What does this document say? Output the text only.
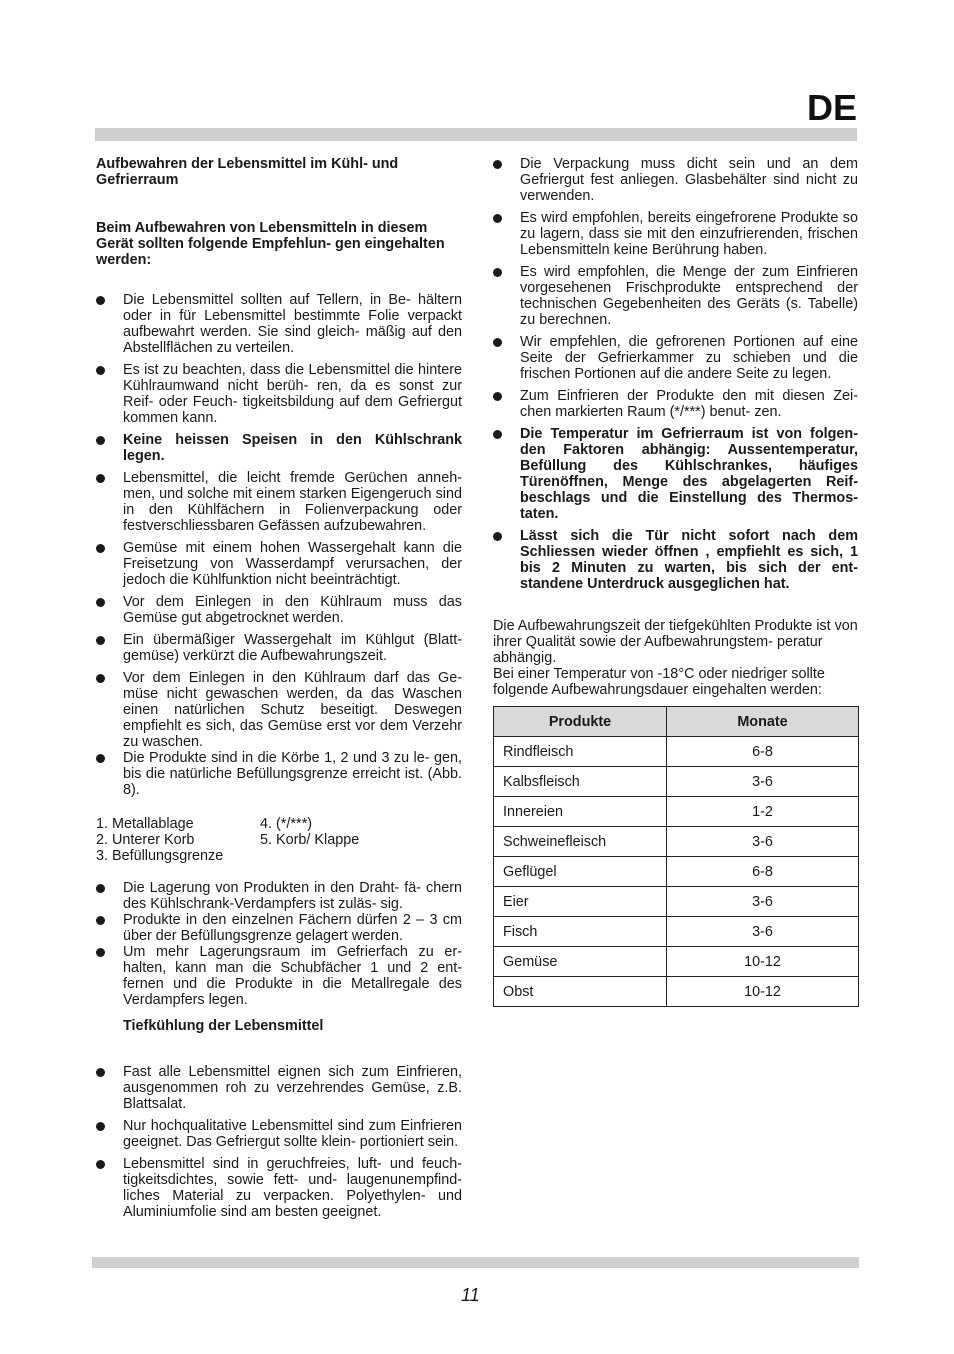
DE

Aufbewahren der Lebensmittel im Kühl- und Gefrierraum

Beim Aufbewahren von Lebensmitteln in diesem Gerät sollten folgende Empfehlun- gen eingehalten werden:

Die Lebensmittel sollten auf Tellern, in Be- hältern oder in für Lebensmittel bestimmte Folie verpackt aufbewahrt werden. Sie sind gleich- mäßig auf den Abstellflächen zu verteilen.
Es ist zu beachten, dass die Lebensmittel die hintere Kühlraumwand nicht berüh- ren, da es sonst zur Reif- oder Feuch- tigkeitsbildung auf dem Gefriergut kommen kann.
Keine heissen Speisen in den Kühlschrank legen.
Lebensmittel, die leicht fremde Gerüchen anneh- men, und solche mit einem starken Eigengeruch sind in den Kühlfächern in Folienverpackung oder festverschliessbaren Gefässen aufzubewahren.
Gemüse mit einem hohen Wassergehalt kann die Freisetzung von Wasserdampf verursachen, der jedoch die Kühlfunktion nicht beeinträchtigt.
Vor dem Einlegen in den Kühlraum muss das Gemüse gut abgetrocknet werden.
Ein übermäßiger Wassergehalt im Kühlgut (Blatt- gemüse) verkürzt die Aufbewahrungszeit.
Vor dem Einlegen in den Kühlraum darf das Ge- müse nicht gewaschen werden, da das Waschen einen natürlichen Schutz beseitigt. Deswegen empfiehlt es sich, das Gemüse erst vor dem Verzehr zu waschen.
Die Produkte sind in die Körbe 1, 2 und 3 zu le- gen, bis die natürliche Befüllungsgrenze erreicht ist. (Abb. 8).
1. Metallablage	4. (*/***)
2. Unterer Korb	5. Korb/ Klappe
3. Befüllungsgrenze
Die Lagerung von Produkten in den Draht- fä- chern des Kühlschrank-Verdampfers ist zuläs- sig.
Produkte in den einzelnen Fächern dürfen 2 – 3 cm über der Befüllungsgrenze gelagert werden.
Um mehr Lagerungsraum im Gefrierfach zu er- halten, kann man die Schubfächer 1 und 2 ent- fernen und die Produkte in die Metallregale des Verdampfers legen.

Tiefkühlung der Lebensmittel

Fast alle Lebensmittel eignen sich zum Einfrieren, ausgenommen roh zu verzehrendes Gemüse, z.B. Blattsalat.
Nur hochqualitative Lebensmittel sind zum Einfrieren geeignet. Das Gefriergut sollte klein- portioniert sein.
Lebensmittel sind in geruchfreies, luft- und feuch- tigkeitsdichtes, sowie fett- und- laugenunempfind- liches Material zu verpacken. Polyethylen- und Aluminiumfolie sind am besten geeignet.
Die Verpackung muss dicht sein und an dem Gefriergut fest anliegen. Glasbehälter sind nicht zu verwenden.
Es wird empfohlen, bereits eingefrorene Produkte so zu lagern, dass sie mit den einzufrierenden, frischen Lebensmitteln keine Berührung haben.
Es wird empfohlen, die Menge der zum Einfrieren vorgesehenen Frischprodukte entsprechend der technischen Gegebenheiten des Geräts (s. Tabelle) zu berechnen.
Wir empfehlen, die gefrorenen Portionen auf eine Seite der Gefrierkammer zu schieben und die frischen Portionen auf die andere Seite zu legen.
Zum Einfrieren der Produkte den mit diesen Zei- chen markierten Raum (*/***) benut- zen.
Die Temperatur im Gefrierraum ist von folgen- den Faktoren abhängig: Aussentemperatur, Befüllung des Kühlschrankes, häufiges Türenöffnen, Menge des abgelagerten Reif- beschlags und die Einstellung des Thermos- taten.
Lässt sich die Tür nicht sofort nach dem Schliessen wieder öffnen , empfiehlt es sich, 1 bis 2 Minuten zu warten, bis sich der ent- standene Unterdruck ausgeglichen hat.

Die Aufbewahrungszeit der tiefgekühlten Produkte ist von ihrer Qualität sowie der Aufbewahrungstem- peratur abhängig.

Bei einer Temperatur von -18°C oder niedriger sollte folgende Aufbewahrungsdauer eingehalten werden:

Produkte	Monate
Rindfleisch	6-8
Kalbsfleisch	3-6
Innereien	1-2
Schweinefleisch	3-6
Geflügel	6-8
Eier	3-6
Fisch	3-6
Gemüse	10-12
Obst	10-12
11
